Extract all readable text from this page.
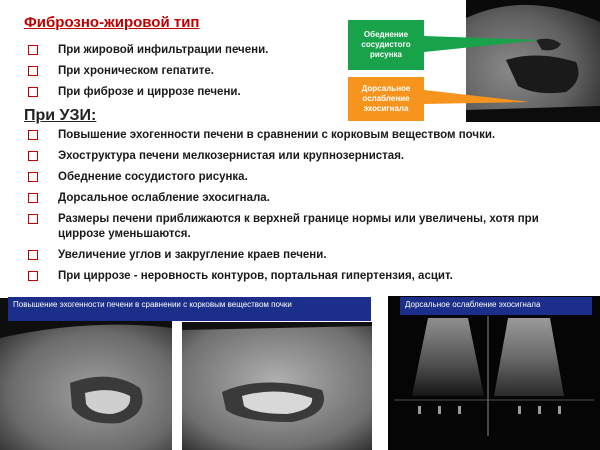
Фиброзно-жировой тип
При жировой инфильтрации печени.
При хроническом гепатите.
При фиброзе и циррозе печени.
При УЗИ:
Повышение эхогенности печени в сравнении с корковым веществом почки.
Эхоструктура печени мелкозернистая или крупнозернистая.
Обеднение сосудистого рисунка.
Дорсальное ослабление эхосигнала.
Размеры печени приближаются к верхней границе нормы или увеличены, хотя при циррозе уменьшаются.
Увеличение углов и закругление краев печени.
При циррозе - неровность контуров, портальная гипертензия, асцит.
Обеднение сосудистого рисунка
Дорсальное ослабление эхосигнала
Повышение эхогенности печени в сравнении с корковым веществом почки	Дорсальное ослабление эхосигнала
